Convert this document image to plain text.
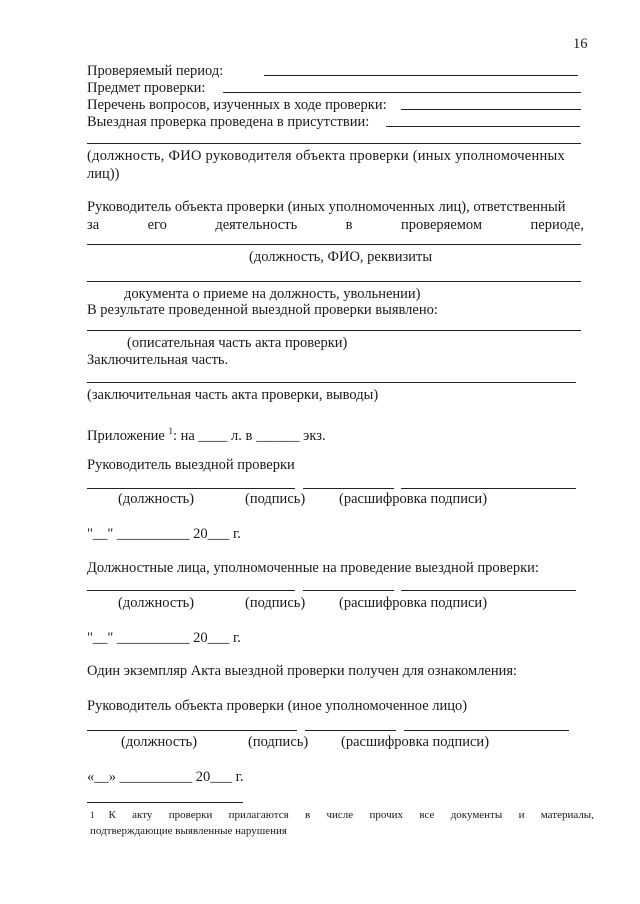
16
Проверяемый период:
Предмет проверки:
Перечень вопросов, изученных в ходе проверки:
Выездная проверка проведена в присутствии:
(должность, ФИО руководителя объекта проверки (иных уполномоченных
лиц))
Руководитель объекта проверки (иных уполномоченных лиц), ответственный
за	его	деятельность	в	проверяемом	периоде,
(должность, ФИО, реквизиты
документа о приеме на должность, увольнении)
В результате проведенной выездной проверки выявлено:
(описательная часть акта проверки)
Заключительная часть.
(заключительная часть акта проверки, выводы)
Приложение $^1$: на ____ л. в ______ экз.
Руководитель выездной проверки
(должность)	(подпись) (расшифровка подписи)
"__" __________ 20___ г.
Должностные лица, уполномоченные на проведение выездной проверки:
(должность)	(подпись) (расшифровка подписи)
"__" __________ 20___ г.
Один экземпляр Акта выездной проверки получен для ознакомления:
Руководитель объекта проверки (иное уполномоченное лицо)
(должность)	(подпись) (расшифровка подписи)
«__» __________ 20___ г.
1 К акту проверки прилагаются в числе прочих все документы и материалы,
подтверждающие выявленные нарушения
